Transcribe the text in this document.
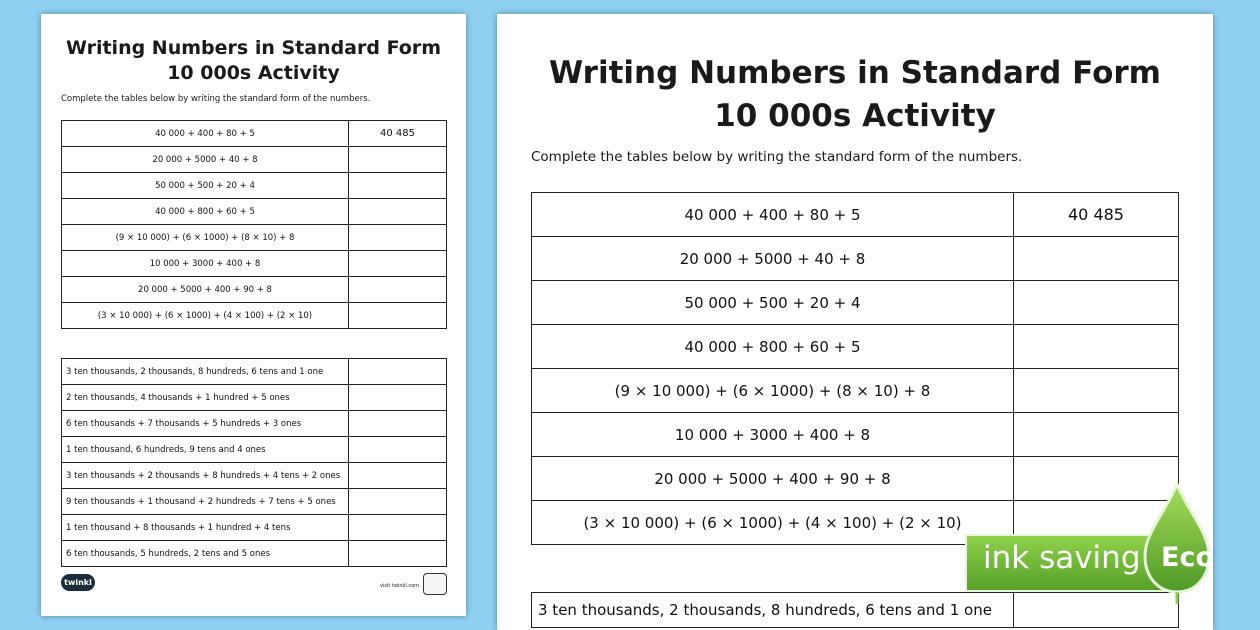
Writing Numbers in Standard Form
10 000s Activity

Complete the tables below by writing the standard form of the numbers.

40 000 + 400 + 80 + 5	40 485
20 000 + 5000 + 40 + 8	
50 000 + 500 + 20 + 4	
40 000 + 800 + 60 + 5	
(9 × 10 000) + (6 × 1000) + (8 × 10) + 8	
10 000 + 3000 + 400 + 8	
20 000 + 5000 + 400 + 90 + 8	
(3 × 10 000) + (6 × 1000) + (4 × 100) + (2 × 10)	
3 ten thousands, 2 thousands, 8 hundreds, 6 tens and 1 one	
2 ten thousands, 4 thousands + 1 hundred + 5 ones	
6 ten thousands + 7 thousands + 5 hundreds + 3 ones	
1 ten thousand, 6 hundreds, 9 tens and 4 ones	
3 ten thousands + 2 thousands + 8 hundreds + 4 tens + 2 ones	
9 ten thousands + 1 thousand + 2 hundreds + 7 tens + 5 ones	
1 ten thousand + 8 thousands + 1 hundred + 4 tens	
6 ten thousands, 5 hundreds, 2 tens and 5 ones	
twinkl	visit twinkl.com

Writing Numbers in Standard Form
10 000s Activity

Complete the tables below by writing the standard form of the numbers.

40 000 + 400 + 80 + 5	40 485
20 000 + 5000 + 40 + 8	
50 000 + 500 + 20 + 4	
40 000 + 800 + 60 + 5	
(9 × 10 000) + (6 × 1000) + (8 × 10) + 8	
10 000 + 3000 + 400 + 8	
20 000 + 5000 + 400 + 90 + 8	
(3 × 10 000) + (6 × 1000) + (4 × 100) + (2 × 10)	
3 ten thousands, 2 thousands, 8 hundreds, 6 tens and 1 one	

ink saving Eco
